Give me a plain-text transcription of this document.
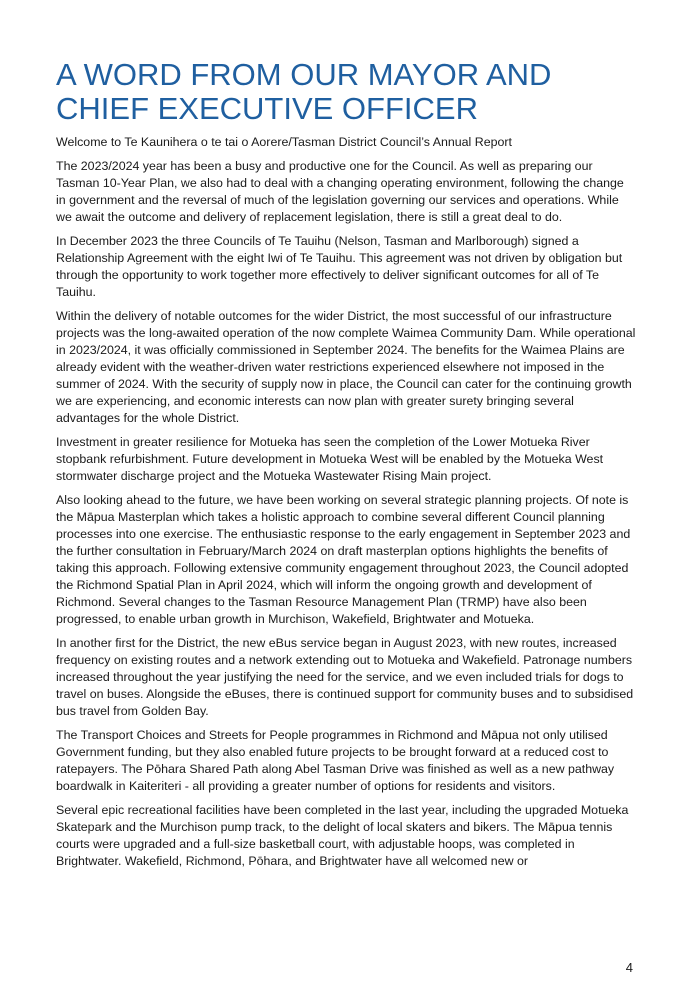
A WORD FROM OUR MAYOR AND CHIEF EXECUTIVE OFFICER

Welcome to Te Kaunihera o te tai o Aorere/Tasman District Council’s Annual Report

The 2023/2024 year has been a busy and productive one for the Council. As well as preparing our Tasman 10-Year Plan, we also had to deal with a changing operating environment, following the change in government and the reversal of much of the legislation governing our services and operations. While we await the outcome and delivery of replacement legislation, there is still a great deal to do.

In December 2023 the three Councils of Te Tauihu (Nelson, Tasman and Marlborough) signed a Relationship Agreement with the eight Iwi of Te Tauihu. This agreement was not driven by obligation but through the opportunity to work together more effectively to deliver significant outcomes for all of Te Tauihu.

Within the delivery of notable outcomes for the wider District, the most successful of our infrastructure projects was the long-awaited operation of the now complete Waimea Community Dam. While operational in 2023/2024, it was officially commissioned in September 2024. The benefits for the Waimea Plains are already evident with the weather-driven water restrictions experienced elsewhere not imposed in the summer of 2024. With the security of supply now in place, the Council can cater for the continuing growth we are experiencing, and economic interests can now plan with greater surety bringing several advantages for the whole District.

Investment in greater resilience for Motueka has seen the completion of the Lower Motueka River stopbank refurbishment. Future development in Motueka West will be enabled by the Motueka West stormwater discharge project and the Motueka Wastewater Rising Main project.

Also looking ahead to the future, we have been working on several strategic planning projects. Of note is the Māpua Masterplan which takes a holistic approach to combine several different Council planning processes into one exercise. The enthusiastic response to the early engagement in September 2023 and the further consultation in February/March 2024 on draft masterplan options highlights the benefits of taking this approach. Following extensive community engagement throughout 2023, the Council adopted the Richmond Spatial Plan in April 2024, which will inform the ongoing growth and development of Richmond. Several changes to the Tasman Resource Management Plan (TRMP) have also been progressed, to enable urban growth in Murchison, Wakefield, Brightwater and Motueka.

In another first for the District, the new eBus service began in August 2023, with new routes, increased frequency on existing routes and a network extending out to Motueka and Wakefield. Patronage numbers increased throughout the year justifying the need for the service, and we even included trials for dogs to travel on buses. Alongside the eBuses, there is continued support for community buses and to subsidised bus travel from Golden Bay.

The Transport Choices and Streets for People programmes in Richmond and Māpua not only utilised Government funding, but they also enabled future projects to be brought forward at a reduced cost to ratepayers. The Pōhara Shared Path along Abel Tasman Drive was finished as well as a new pathway boardwalk in Kaiteriteri - all providing a greater number of options for residents and visitors.

Several epic recreational facilities have been completed in the last year, including the upgraded Motueka Skatepark and the Murchison pump track, to the delight of local skaters and bikers. The Māpua tennis courts were upgraded and a full-size basketball court, with adjustable hoops, was completed in Brightwater. Wakefield, Richmond, Pōhara, and Brightwater have all welcomed new or

4
